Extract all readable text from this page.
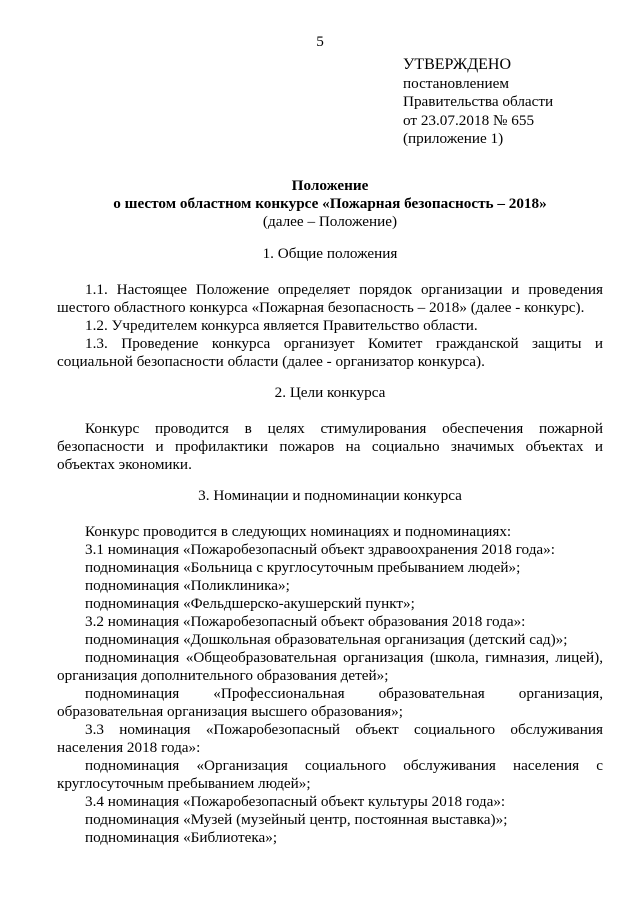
5
УТВЕРЖДЕНО
постановлением
Правительства области
от 23.07.2018 № 655
(приложение 1)
Положение
о шестом областном конкурсе «Пожарная безопасность – 2018»
(далее – Положение)
1. Общие положения
1.1. Настоящее Положение определяет порядок организации и проведения шестого областного конкурса «Пожарная безопасность – 2018» (далее - конкурс).
1.2. Учредителем конкурса является Правительство области.
1.3. Проведение конкурса организует Комитет гражданской защиты и социальной безопасности области (далее - организатор конкурса).
2. Цели конкурса
Конкурс проводится в целях стимулирования обеспечения пожарной безопасности и профилактики пожаров на социально значимых объектах и объектах экономики.
3. Номинации и подноминации конкурса
Конкурс проводится в следующих номинациях и подноминациях:
3.1 номинация «Пожаробезопасный объект здравоохранения 2018 года»:
подноминация «Больница с круглосуточным пребыванием людей»;
подноминация «Поликлиника»;
подноминация «Фельдшерско-акушерский пункт»;
3.2 номинация «Пожаробезопасный объект образования 2018 года»:
подноминация «Дошкольная образовательная организация (детский сад)»;
подноминация «Общеобразовательная организация (школа, гимназия, лицей), организация дополнительного образования детей»;
подноминация «Профессиональная образовательная организация, образовательная организация высшего образования»;
3.3 номинация «Пожаробезопасный объект социального обслуживания населения 2018 года»:
подноминация «Организация социального обслуживания населения с круглосуточным пребыванием людей»;
3.4 номинация «Пожаробезопасный объект культуры 2018 года»:
подноминация «Музей (музейный центр, постоянная выставка)»;
подноминация «Библиотека»;
